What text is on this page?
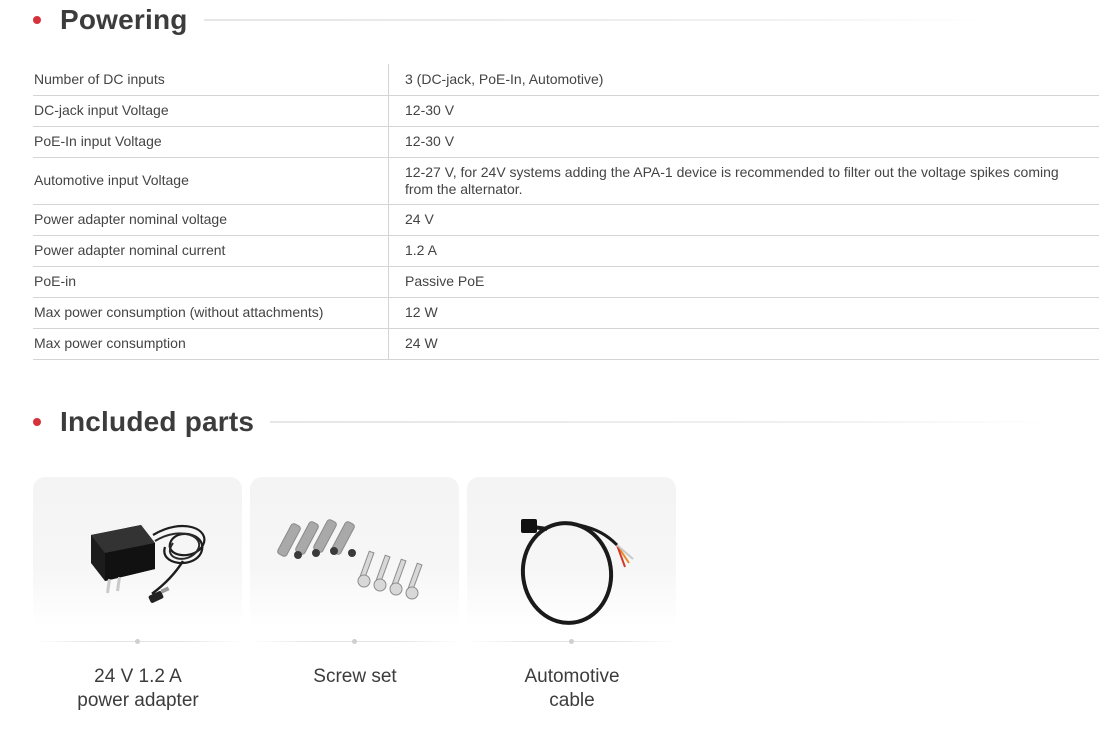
Powering
Number of DC inputs	3 (DC-jack, PoE-In, Automotive)
DC-jack input Voltage	12-30 V
PoE-In input Voltage	12-30 V
Automotive input Voltage	12-27 V, for 24V systems adding the APA-1 device is recommended to filter out the voltage spikes coming from the alternator.
Power adapter nominal voltage	24 V
Power adapter nominal current	1.2 A
PoE-in	Passive PoE
Max power consumption (without attachments)	12 W
Max power consumption	24 W
Included parts
24 V 1.2 A power adapter
Screw set	Automotive cable
